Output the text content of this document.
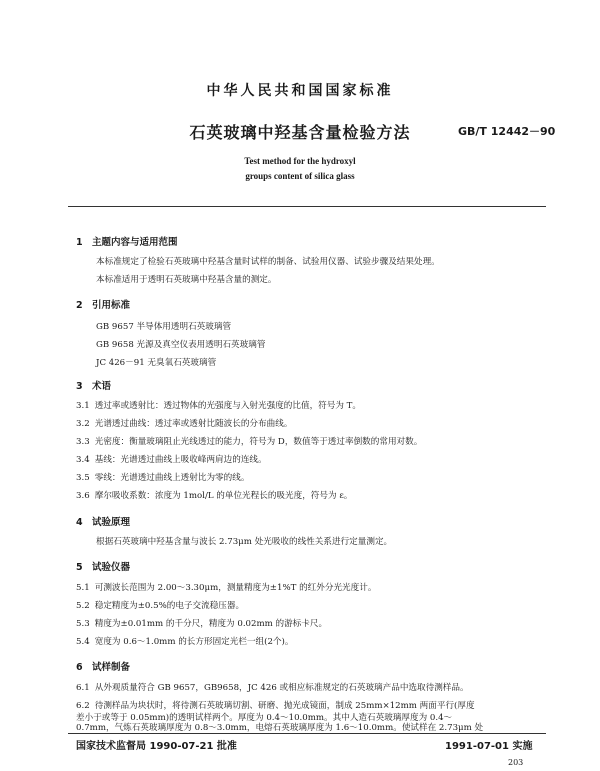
中华人民共和国国家标准
石英玻璃中羟基含量检验方法	GB/T 12442－90
Test method for the hydroxyl
groups content of silica glass
1 主题内容与适用范围
本标准规定了检验石英玻璃中羟基含量时试样的制备、试验用仪器、试验步骤及结果处理。
本标准适用于透明石英玻璃中羟基含量的测定。
2 引用标准
GB 9657 半导体用透明石英玻璃管
GB 9658 光源及真空仪表用透明石英玻璃管
JC 426－91 无臭氧石英玻璃管
3 术语
3.1 透过率或透射比：透过物体的光强度与入射光强度的比值，符号为 T。
3.2 光谱透过曲线：透过率或透射比随波长的分布曲线。
3.3 光密度：衡量玻璃阻止光线透过的能力，符号为 D，数值等于透过率倒数的常用对数。
3.4 基线：光谱透过曲线上吸收峰两肩边的连线。
3.5 零线：光谱透过曲线上透射比为零的线。
3.6 摩尔吸收系数：浓度为 1mol/L 的单位光程长的吸光度，符号为 ε。
4 试验原理
根据石英玻璃中羟基含量与波长 2.73μm 处光吸收的线性关系进行定量测定。
5 试验仪器
5.1 可测波长范围为 2.00～3.30μm，测量精度为±1%T 的红外分光光度计。
5.2 稳定精度为±0.5%的电子交流稳压器。
5.3 精度为±0.01mm 的千分尺，精度为 0.02mm 的游标卡尺。
5.4 宽度为 0.6～1.0mm 的长方形固定光栏一组(2个)。
6 试样制备
6.1 从外观质量符合 GB 9657，GB9658，JC 426 或相应标准规定的石英玻璃产品中选取待测样品。
6.2 待测样品为块状时，将待测石英玻璃切割、研磨、抛光成镜面，制成 25mm×12mm 两面平行(厚度
差小于或等于 0.05mm)的透明试样两个。厚度为 0.4～10.0mm。其中人造石英玻璃厚度为 0.4～
国家技术监督局 1990-07-21 批准	1991-07-01 实施
203
0.7mm，气炼石英玻璃厚度为 0.8～3.0mm，电熔石英玻璃厚度为 1.6～10.0mm。使试样在 2.73μm 处
